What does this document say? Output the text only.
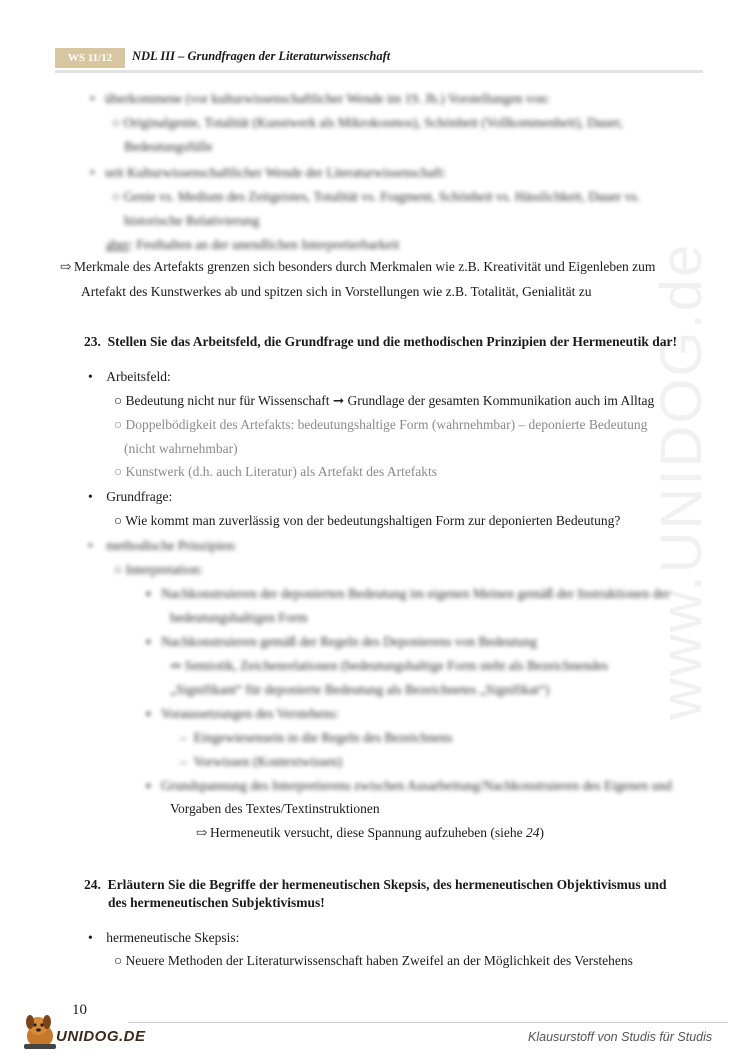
www.UNIDOG.de
WS 11/12	NDL III – Grundfragen der Literaturwissenschaft
•   überkommene (vor kulturwissenschaftlicher Wende im 19. Jh.) Vorstellungen von:
○ Originalgenie, Totalität (Kunstwerk als Mikrokosmos), Schönheit (Vollkommenheit), Dauer,
Bedeutungsfülle
•   seit Kulturwissenschaftlicher Wende der Literaturwissenschaft:
○ Genie vs. Medium des Zeitgeistes, Totalität vs. Fragment, Schönheit vs. Hässlichkeit, Dauer vs.
historische Relativierung
aber: Festhalten an der unendlichen Interpretierbarkeit
⇨ Merkmale des Artefakts grenzen sich besonders durch Merkmalen wie z.B. Kreativität und Eigenleben zum
Artefakt des Kunstwerkes ab und spitzen sich in Vorstellungen wie z.B. Totalität, Genialität zu
23. Stellen Sie das Arbeitsfeld, die Grundfrage und die methodischen Prinzipien der Hermeneutik dar!
•    Arbeitsfeld:
○ Bedeutung nicht nur für Wissenschaft ➞ Grundlage der gesamten Kommunikation auch im Alltag
○ Doppelbödigkeit des Artefakts: bedeutungshaltige Form (wahrnehmbar) – deponierte Bedeutung
(nicht wahrnehmbar)
○ Kunstwerk (d.h. auch Literatur) als Artefakt des Artefakts
•    Grundfrage:
○ Wie kommt man zuverlässig von der bedeutungshaltigen Form zur deponierten Bedeutung?
•    methodische Prinzipien:
○ Interpretation:
▪   Nachkonstruieren der deponierten Bedeutung im eigenen Meinen gemäß der Instruktionen der
bedeutungshaltigen Form
▪   Nachkonstruieren gemäß der Regeln des Deponierens von Bedeutung
⇒ Semiotik, Zeichenrelationen (bedeutungshaltige Form steht als Bezeichnendes
„Signifikant“ für deponierte Bedeutung als Bezeichnetes „Signifikat“)
▪   Voraussetzungen des Verstehens:
–  Eingewiesensein in die Regeln des Bezeichnens
–  Vorwissen (Kontextwissen)
▪   Grundspannung des Interpretierens zwischen Ausarbeitung/Nachkonstruieren des Eigenen und
Vorgaben des Textes/Textinstruktionen
⇨ Hermeneutik versucht, diese Spannung aufzuheben (siehe 24)
24. Erläutern Sie die Begriffe der hermeneutischen Skepsis, des hermeneutischen Objektivismus und
des hermeneutischen Subjektivismus!
•    hermeneutische Skepsis:
○ Neuere Methoden der Literaturwissenschaft haben Zweifel an der Möglichkeit des Verstehens
10
UNIDOG.DE	Klausurstoff von Studis für Studis
